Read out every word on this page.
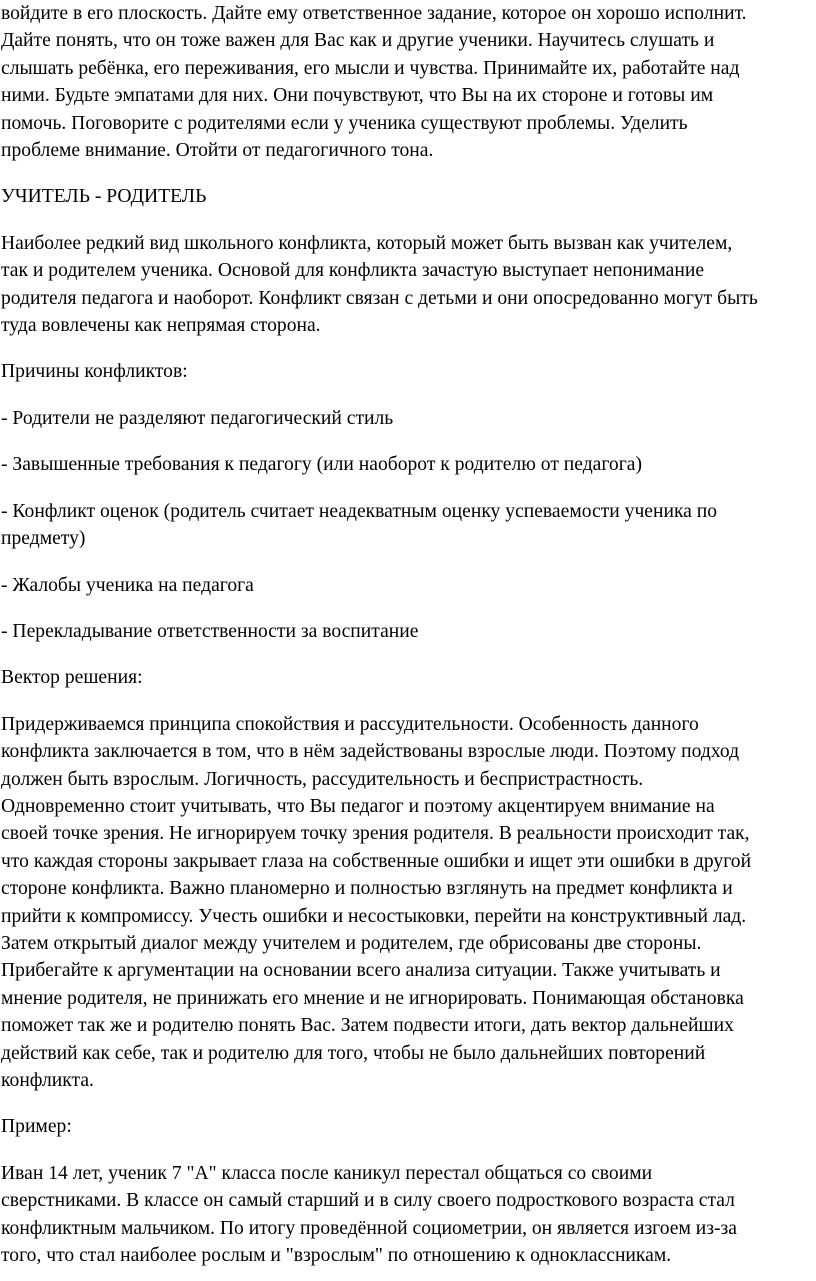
войдите в его плоскость. Дайте ему ответственное задание, которое он хорошо исполнит.
Дайте понять, что он тоже важен для Вас как и другие ученики. Научитесь слушать и
слышать ребёнка, его переживания, его мысли и чувства. Принимайте их, работайте над
ними. Будьте эмпатами для них. Они почувствуют, что Вы на их стороне и готовы им
помочь. Поговорите с родителями если у ученика существуют проблемы. Уделить
проблеме внимание. Отойти от педагогичного тона.

УЧИТЕЛЬ - РОДИТЕЛЬ

Наиболее редкий вид школьного конфликта, который может быть вызван как учителем,
так и родителем ученика. Основой для конфликта зачастую выступает непонимание
родителя педагога и наоборот. Конфликт связан с детьми и они опосредованно могут быть
туда вовлечены как непрямая сторона.

Причины конфликтов:

- Родители не разделяют педагогический стиль

- Завышенные требования к педагогу (или наоборот к родителю от педагога)

- Конфликт оценок (родитель считает неадекватным оценку успеваемости ученика по
предмету)

- Жалобы ученика на педагога

- Перекладывание ответственности за воспитание

Вектор решения:

Придерживаемся принципа спокойствия и рассудительности. Особенность данного
конфликта заключается в том, что в нём задействованы взрослые люди. Поэтому подход
должен быть взрослым. Логичность, рассудительность и беспристрастность.
Одновременно стоит учитывать, что Вы педагог и поэтому акцентируем внимание на
своей точке зрения. Не игнорируем точку зрения родителя. В реальности происходит так,
что каждая стороны закрывает глаза на собственные ошибки и ищет эти ошибки в другой
стороне конфликта. Важно планомерно и полностью взглянуть на предмет конфликта и
прийти к компромиссу. Учесть ошибки и несостыковки, перейти на конструктивный лад.
Затем открытый диалог между учителем и родителем, где обрисованы две стороны.
Прибегайте к аргументации на основании всего анализа ситуации. Также учитывать и
мнение родителя, не принижать его мнение и не игнорировать. Понимающая обстановка
поможет так же и родителю понять Вас. Затем подвести итоги, дать вектор дальнейших
действий как себе, так и родителю для того, чтобы не было дальнейших повторений
конфликта.

Пример:

Иван 14 лет, ученик 7 "А" класса после каникул перестал общаться со своими
сверстниками. В классе он самый старший и в силу своего подросткового возраста стал
конфликтным мальчиком. По итогу проведённой социометрии, он является изгоем из-за
того, что стал наиболее рослым и "взрослым" по отношению к одноклассникам.
